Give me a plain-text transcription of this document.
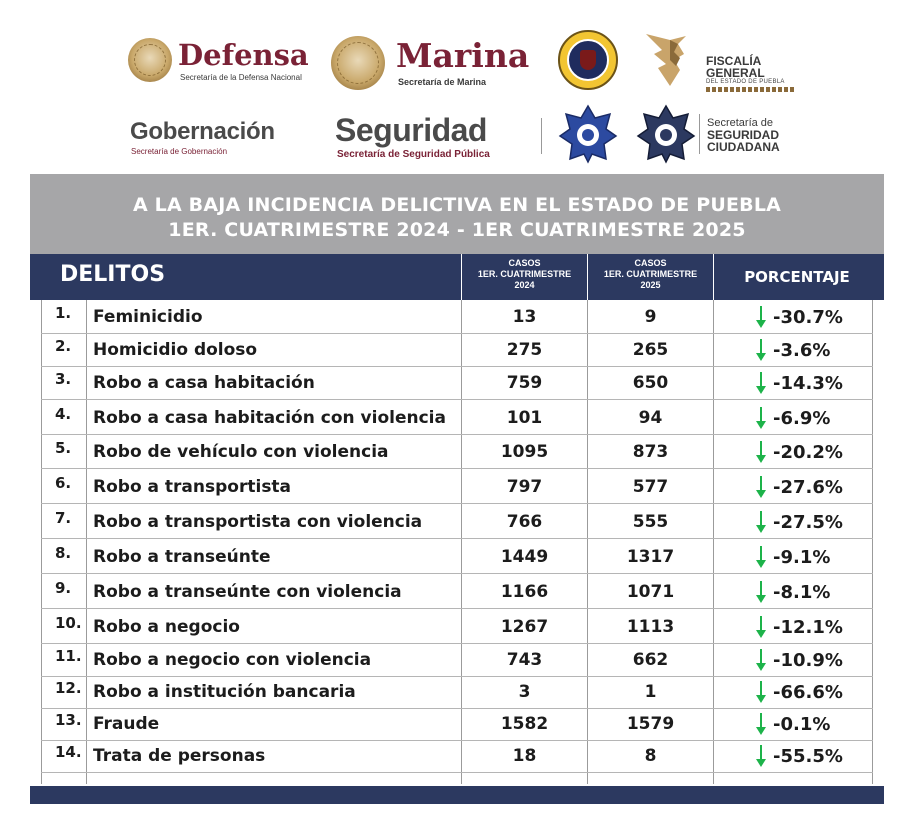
Defensa
Secretaría de la Defensa Nacional
Marina
Secretaría de Marina
FISCALÍA
GENERAL
DEL ESTADO DE PUEBLA
Gobernación
Secretaría de Gobernación
Seguridad
Secretaría de Seguridad Pública
Secretaría de
SEGURIDAD
CIUDADANA
A LA BAJA INCIDENCIA DELICTIVA EN EL ESTADO DE PUEBLA
1ER. CUATRIMESTRE 2024 - 1ER CUATRIMESTRE 2025
DELITOS	CASOS
1ER. CUATRIMESTRE
2024
CASOS
1ER. CUATRIMESTRE
2025	PORCENTAJE
1. Feminicidio	13	9	-30.7%
2. Homicidio doloso	275	265	-3.6%
3. Robo a casa habitación	759	650	-14.3%
4. Robo a casa habitación con violencia	101	94	-6.9%
5. Robo de vehículo con violencia	1095	873	-20.2%
6. Robo a transportista	797	577	-27.6%
7. Robo a transportista con violencia	766	555	-27.5%
8. Robo a transeúnte	1449	1317	-9.1%
9. Robo a transeúnte con violencia	1166	1071	-8.1%
10. Robo a negocio	1267	1113	-12.1%
11. Robo a negocio con violencia	743	662	-10.9%
12. Robo a institución bancaria	3	1	-66.6%
13. Fraude	1582	1579	-0.1%
14. Trata de personas	18	8	-55.5%
